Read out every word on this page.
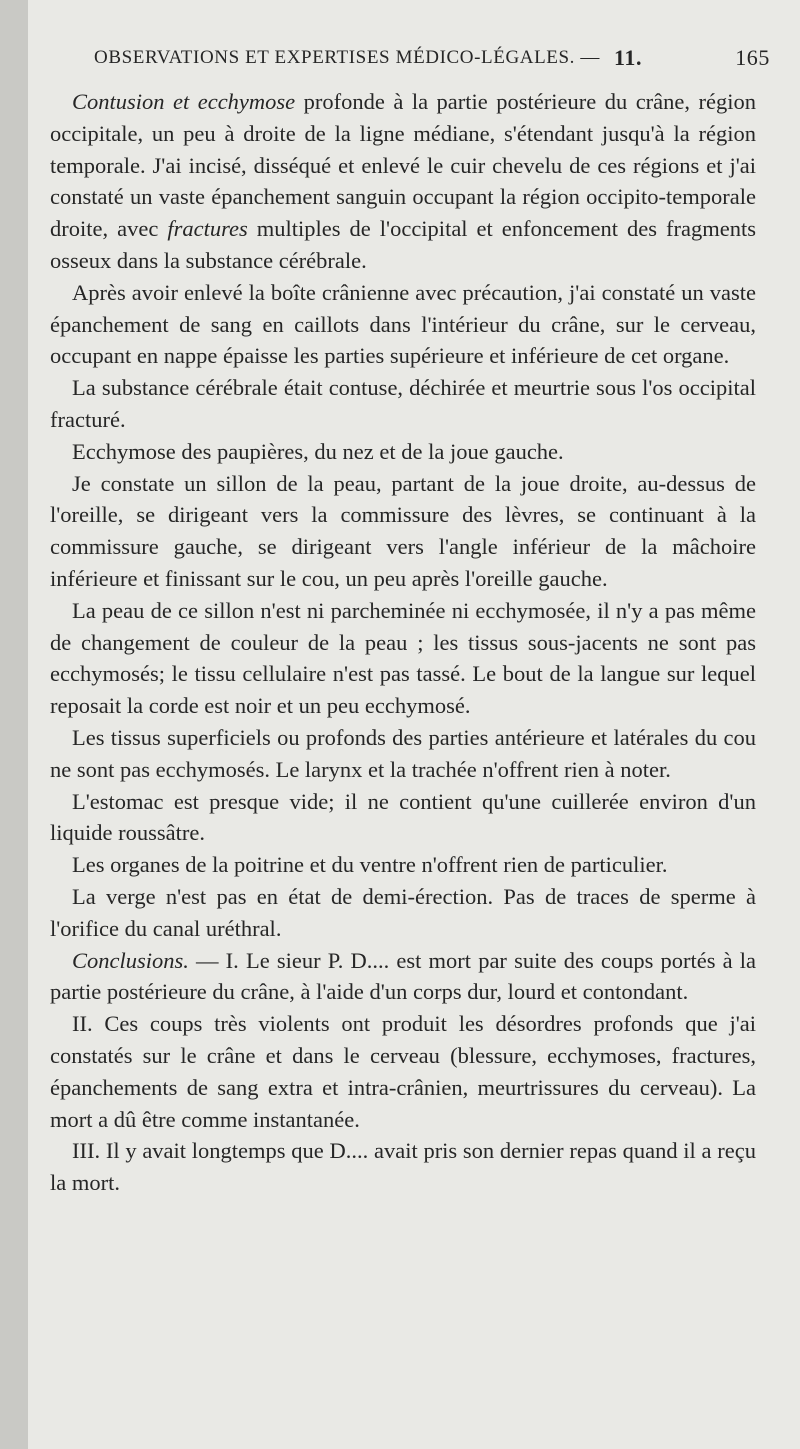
OBSERVATIONS ET EXPERTISES MÉDICO-LÉGALES. — 11.	165

Contusion et ecchymose profonde à la partie postérieure du crâne, région occipitale, un peu à droite de la ligne médiane, s'étendant jusqu'à la région temporale. J'ai incisé, disséqué et enlevé le cuir chevelu de ces régions et j'ai constaté un vaste épanchement sanguin occupant la région occipito-temporale droite, avec fractures multiples de l'occipital et enfoncement des fragments osseux dans la substance cérébrale.

Après avoir enlevé la boîte crânienne avec précaution, j'ai constaté un vaste épanchement de sang en caillots dans l'intérieur du crâne, sur le cerveau, occupant en nappe épaisse les parties supérieure et inférieure de cet organe.

La substance cérébrale était contuse, déchirée et meurtrie sous l'os occipital fracturé.

Ecchymose des paupières, du nez et de la joue gauche.

Je constate un sillon de la peau, partant de la joue droite, au-dessus de l'oreille, se dirigeant vers la commissure des lèvres, se continuant à la commissure gauche, se dirigeant vers l'angle inférieur de la mâchoire inférieure et finissant sur le cou, un peu après l'oreille gauche.

La peau de ce sillon n'est ni parcheminée ni ecchymosée, il n'y a pas même de changement de couleur de la peau ; les tissus sous-jacents ne sont pas ecchymosés; le tissu cellulaire n'est pas tassé. Le bout de la langue sur lequel reposait la corde est noir et un peu ecchymosé.

Les tissus superficiels ou profonds des parties antérieure et latérales du cou ne sont pas ecchymosés. Le larynx et la trachée n'offrent rien à noter.

L'estomac est presque vide; il ne contient qu'une cuillerée environ d'un liquide roussâtre.

Les organes de la poitrine et du ventre n'offrent rien de particulier.

La verge n'est pas en état de demi-érection. Pas de traces de sperme à l'orifice du canal uréthral.

Conclusions. — I. Le sieur P. D.... est mort par suite des coups portés à la partie postérieure du crâne, à l'aide d'un corps dur, lourd et contondant.

II. Ces coups très violents ont produit les désordres profonds que j'ai constatés sur le crâne et dans le cerveau (blessure, ecchymoses, fractures, épanchements de sang extra et intra-crânien, meurtrissures du cerveau). La mort a dû être comme instantanée.

III. Il y avait longtemps que D.... avait pris son dernier repas quand il a reçu la mort.
